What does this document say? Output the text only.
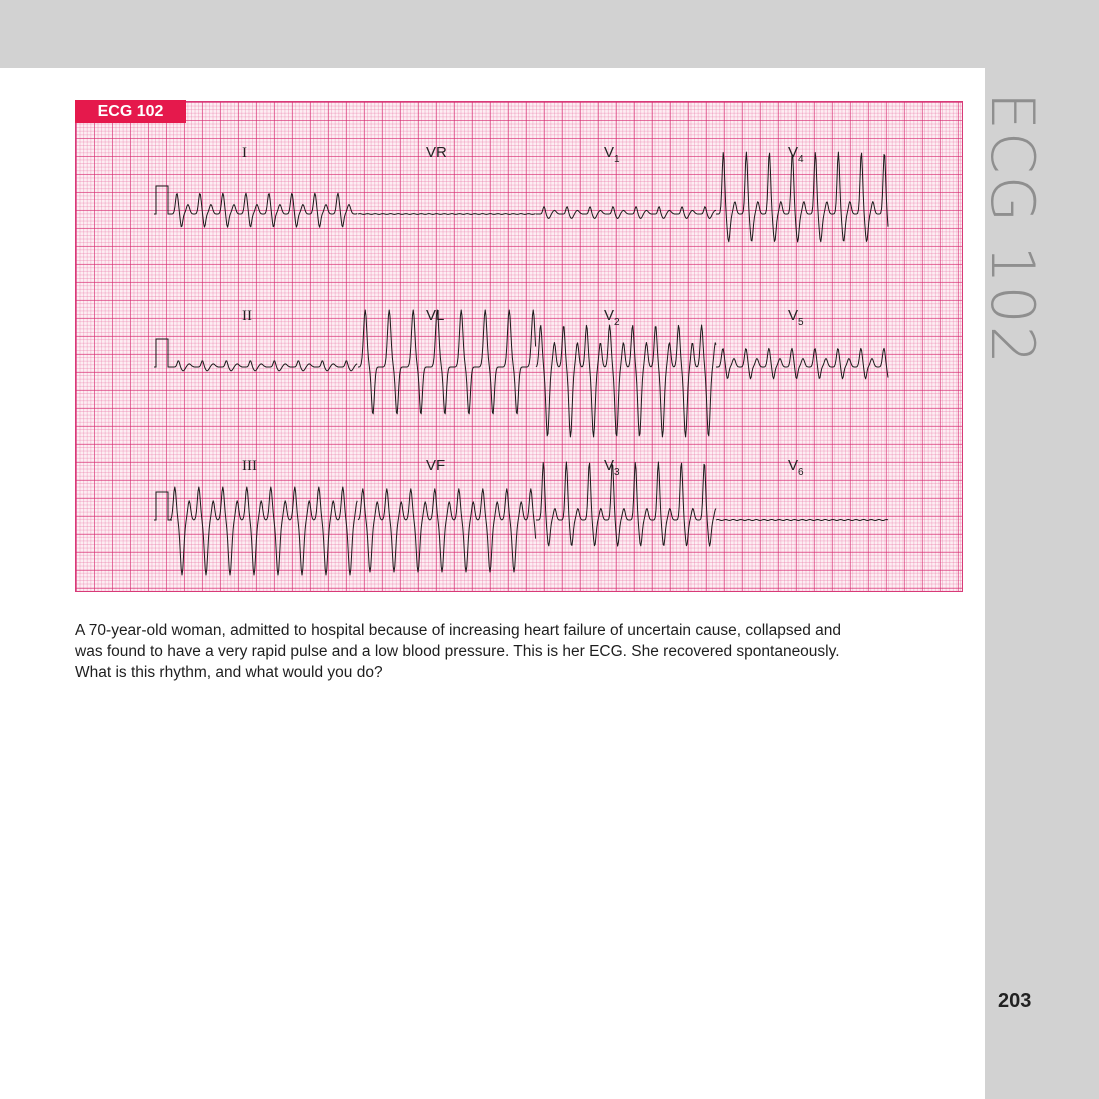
ECG 102
203
ECG 102
I	VR	$V_1$	$V_4$
II	VL	$V_2$	$V_5$
III	VF	$V_3$	$V_6$

A 70-year-old woman, admitted to hospital because of increasing heart failure of uncertain cause, collapsed and
was found to have a very rapid pulse and a low blood pressure. This is her ECG. She recovered spontaneously.
What is this rhythm, and what would you do?
